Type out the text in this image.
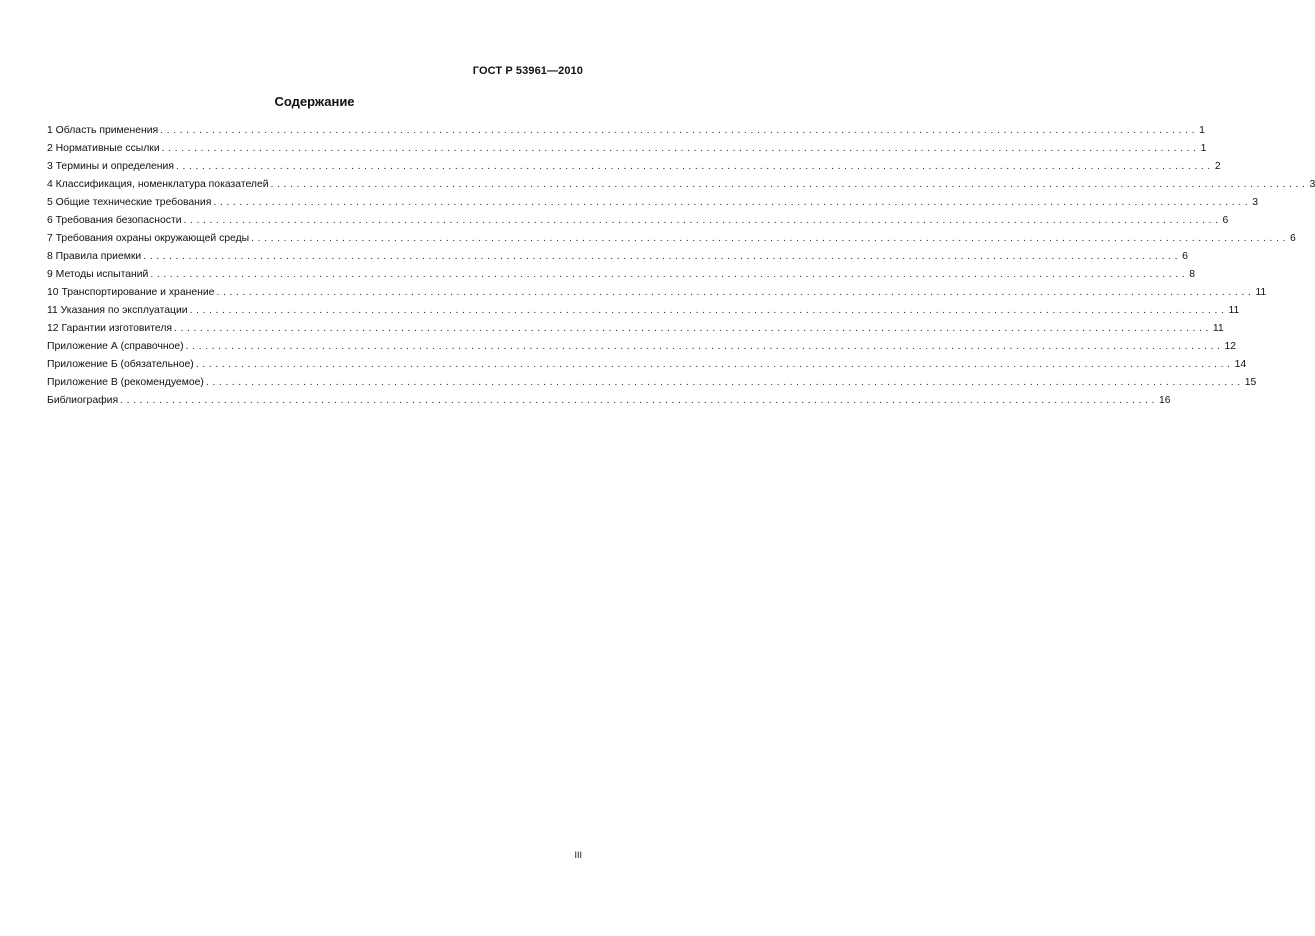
ГОСТ Р 53961—2010
Содержание
1 Область применения ................................................................................................................................................................ 1
2 Нормативные ссылки ................................................................................................................................................................ 1
3 Термины и определения ................................................................................................................................................................ 2
4 Классификация, номенклатура показателей ................................................................................................................................................................ 3
5 Общие технические требования ................................................................................................................................................................ 3
6 Требования безопасности ................................................................................................................................................................ 6
7 Требования охраны окружающей среды ................................................................................................................................................................ 6
8 Правила приемки ................................................................................................................................................................ 6
9 Методы испытаний ................................................................................................................................................................ 8
10 Транспортирование и хранение ................................................................................................................................................................ 11
11 Указания по эксплуатации ................................................................................................................................................................ 11
12 Гарантии изготовителя ................................................................................................................................................................ 11
Приложение А (справочное) ................................................................................................................................................................ 12
Приложение Б (обязательное) ................................................................................................................................................................ 14
Приложение В (рекомендуемое) ................................................................................................................................................................ 15
Библиография ................................................................................................................................................................ 16
III
